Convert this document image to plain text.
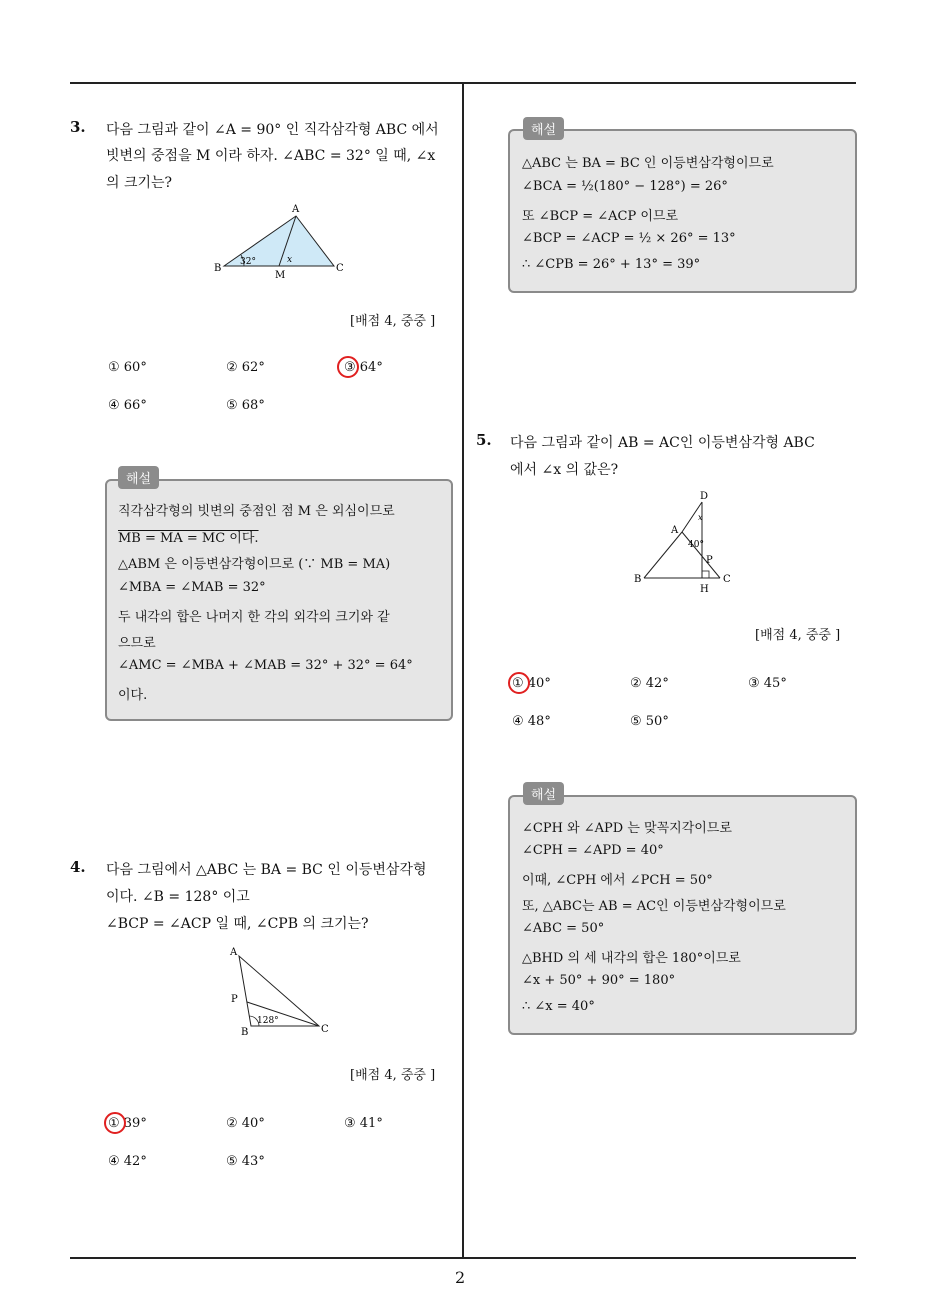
2
3. 다음 그림과 같이 ∠A = 90° 인 직각삼각형 ABC 에서
빗변의 중점을 M 이라 하자. ∠ABC = 32° 일 때, ∠x
의 크기는?
A
B	C
M
32°	x
[배점 4, 중중 ]
① 60°	② 62°	③ 64°
④ 66°	⑤ 68°
해설
직각삼각형의 빗변의 중점인 점 M 은 외심이므로
MB = MA = MC 이다.
△ABM 은 이등변삼각형이므로 (∵ MB = MA)
∠MBA = ∠MAB = 32°
두 내각의 합은 나머지 한 각의 외각의 크기와 같
으므로
∠AMC = ∠MBA + ∠MAB = 32° + 32° = 64°
이다.
4. 다음 그림에서 △ABC 는 BA = BC 인 이등변삼각형
이다. ∠B = 128° 이고
∠BCP = ∠ACP 일 때, ∠CPB 의 크기는?
A
P
B	C
128°
[배점 4, 중중 ]
① 39°	② 40°	③ 41°
④ 42°	⑤ 43°
해설
△ABC 는 BA = BC 인 이등변삼각형이므로
∠BCA = ½(180° − 128°) = 26°
또 ∠BCP = ∠ACP 이므로
∠BCP = ∠ACP = ½ × 26° = 13°
∴ ∠CPB = 26° + 13° = 39°
5. 다음 그림과 같이 AB = AC인 이등변삼각형 ABC
에서 ∠x 의 값은?
D
A
40°
x
P
B	C
H
[배점 4, 중중 ]
① 40°	② 42°	③ 45°
④ 48°	⑤ 50°
해설
∠CPH 와 ∠APD 는 맞꼭지각이므로
∠CPH = ∠APD = 40°
이때, ∠CPH 에서 ∠PCH = 50°
또, △ABC는 AB = AC인 이등변삼각형이므로
∠ABC = 50°
△BHD 의 세 내각의 합은 180°이므로
∠x + 50° + 90° = 180°
∴ ∠x = 40°
